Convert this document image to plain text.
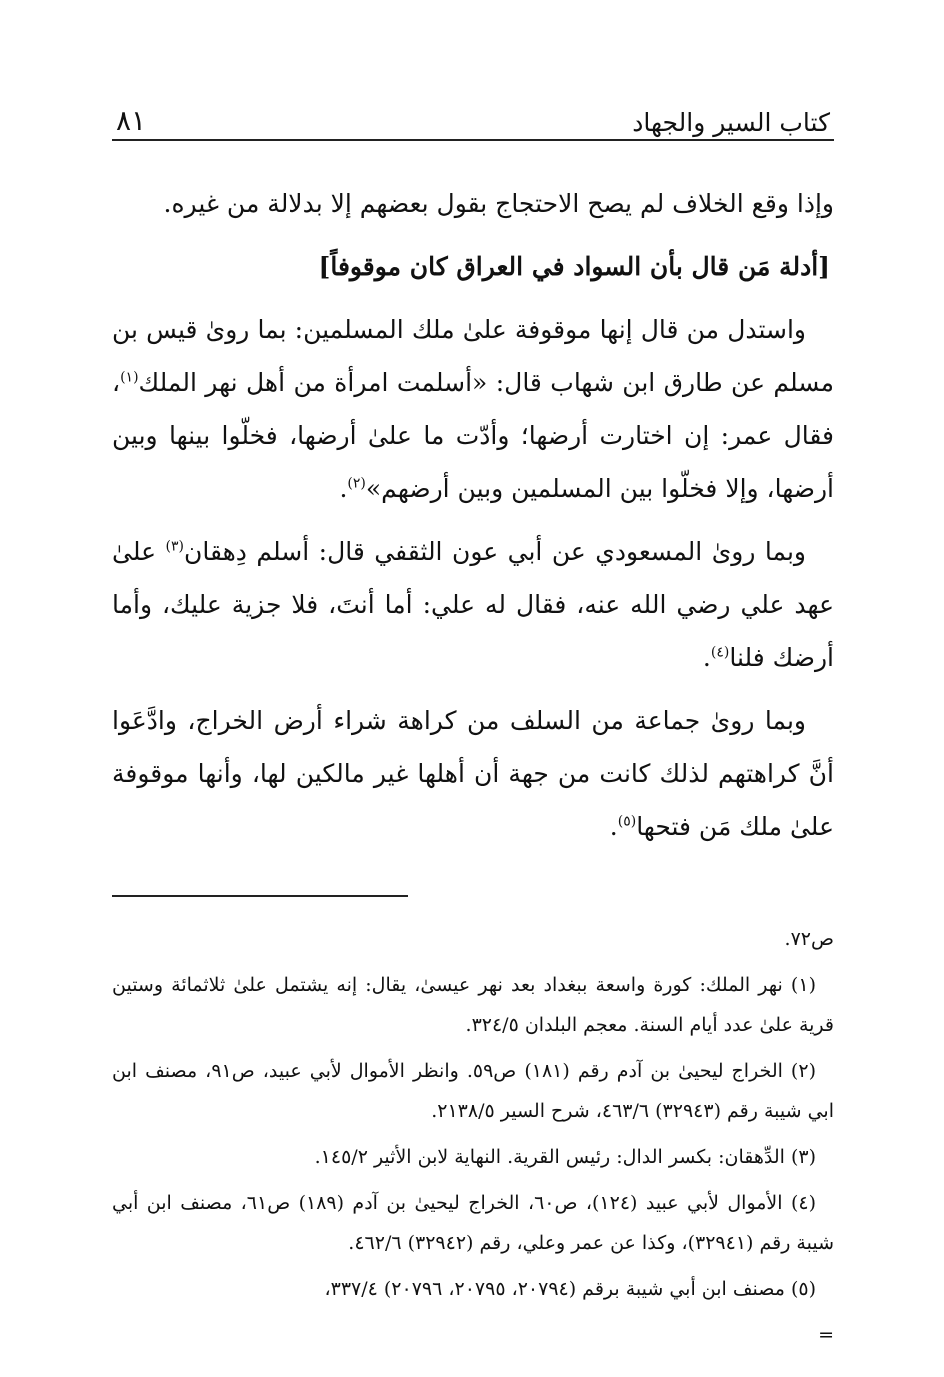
كتاب السير والجهاد
٨١

وإذا وقع الخلاف لم يصح الاحتجاج بقول بعضهم إلا بدلالة من غيره.

[أدلة مَن قال بأن السواد في العراق كان موقوفاً]

واستدل من قال إنها موقوفة علىٰ ملك المسلمين: بما رویٰ قيس بن مسلم عن طارق ابن شهاب قال: «أسلمت امرأة من أهل نهر الملك$^{(١)}$، فقال عمر: إن اختارت أرضها؛ وأدّت ما علىٰ أرضها، فخلّوا بينها وبين أرضها، وإلا فخلّوا بين المسلمين وبين أرضهم»$^{(٢)}$.

وبما رویٰ المسعودي عن أبي عون الثقفي قال: أسلم دِهقان$^{(٣)}$ علىٰ عهد علي رضي الله عنه، فقال له علي: أما أنتَ، فلا جزية عليك، وأما أرضك فلنا$^{(٤)}$.

وبما رویٰ جماعة من السلف من كراهة شراء أرض الخراج، وادَّعَوا أنَّ كراهتهم لذلك كانت من جهة أن أهلها غير مالكين لها، وأنها موقوفة علىٰ ملك مَن فتحها$^{(٥)}$.

ص٧٢.

(١) نهر الملك: كورة واسعة ببغداد بعد نهر عيسىٰ، يقال: إنه يشتمل علىٰ ثلاثمائة وستين قرية علىٰ عدد أيام السنة. معجم البلدان ٣٢٤/٥.

(٢) الخراج ليحيىٰ بن آدم رقم (١٨١) ص٥٩. وانظر الأموال لأبي عبيد، ص٩١، مصنف ابن ابي شيبة رقم (٣٢٩٤٣) ٤٦٣/٦، شرح السير ٢١٣٨/٥.

(٣) الدِّهقان: بكسر الدال: رئيس القرية. النهاية لابن الأثير ١٤٥/٢.

(٤) الأموال لأبي عبيد (١٢٤)، ص٦٠، الخراج ليحيىٰ بن آدم (١٨٩) ص٦١، مصنف ابن أبي شيبة رقم (٣٢٩٤١)، وكذا عن عمر وعلي، رقم (٣٢٩٤٢) ٤٦٢/٦.

(٥) مصنف ابن أبي شيبة برقم (٢٠٧٩٤، ٢٠٧٩٥، ٢٠٧٩٦) ٣٣٧/٤،

=
